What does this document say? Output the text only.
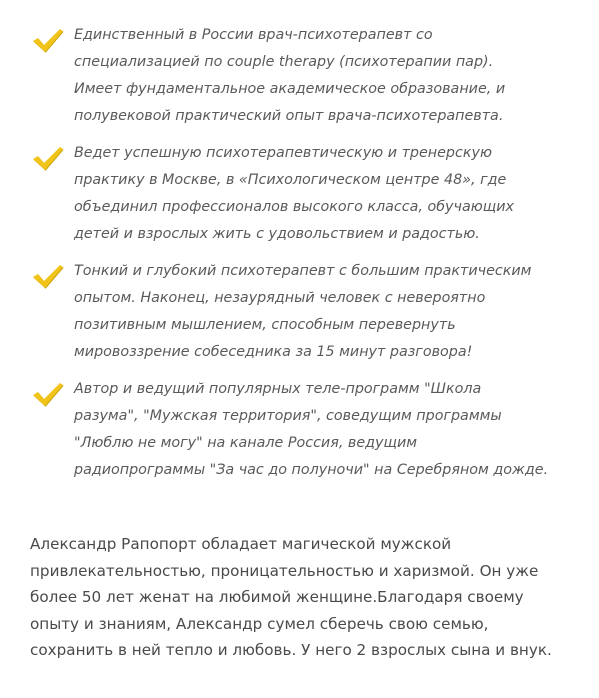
Единственный в России врач-психотерапевт со
специализацией по couple therapy (психотерапии пар).
Имеет фундаментальное академическое образование, и
полувековой практический опыт врача-психотерапевта.
Ведет успешную психотерапевтическую и тренерскую
практику в Москве, в «Психологическом центре 48», где
объединил профессионалов высокого класса, обучающих
детей и взрослых жить с удовольствием и радостью.
Тонкий и глубокий психотерапевт с большим практическим
опытом. Наконец, незаурядный человек с невероятно
позитивным мышлением, способным перевернуть
мировоззрение собеседника за 15 минут разговора!
Автор и ведущий популярных теле-программ "Школа
разума", "Мужская территория", соведущим программы
"Люблю не могу" на канале Россия, ведущим
радиопрограммы "За час до полуночи" на Серебряном дожде.

Александр Рапопорт обладает магической мужской
привлекательностью, проницательностью и харизмой. Он уже
более 50 лет женат на любимой женщине.Благодаря своему
опыту и знаниям, Александр сумел сберечь свою семью,
сохранить в ней тепло и любовь. У него 2 взрослых сына и внук.
